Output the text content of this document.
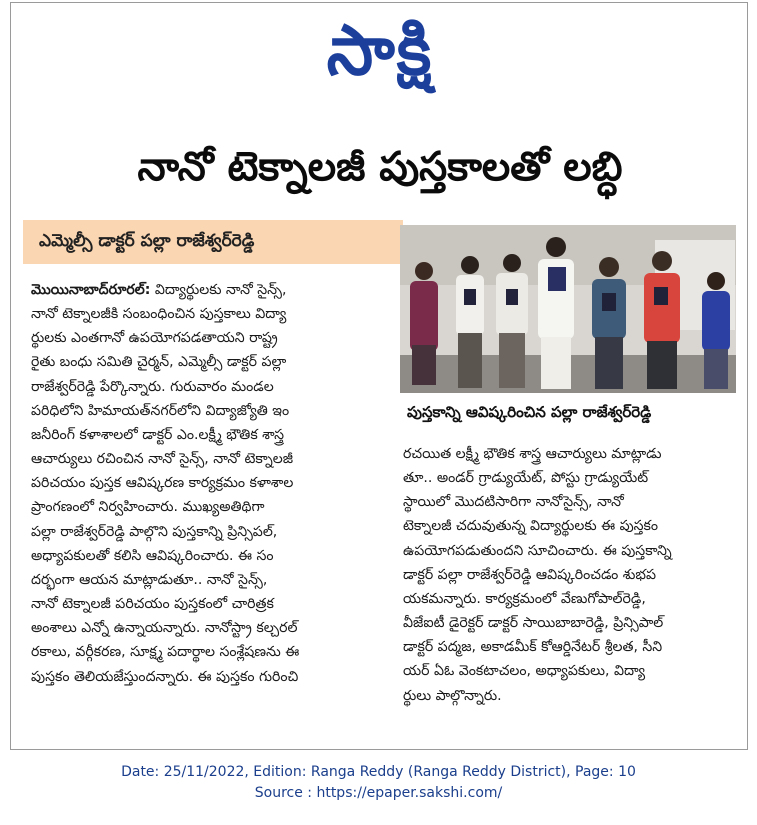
సాక్షి
నానో టెక్నాలజీ పుస్తకాలతో లబ్ధి
ఎమ్మెల్సీ డాక్టర్ పల్లా రాజేశ్వర్‌రెడ్డి
మొయినాబాద్‌రూరల్: విద్యార్థులకు నానో సైన్స్,
నానో టెక్నాలజీకి సంబంధించిన పుస్తకాలు విద్యా
ర్థులకు ఎంతగానో ఉపయోగపడతాయని రాష్ట్ర
రైతు బంధు సమితి చైర్మన్, ఎమ్మెల్సీ డాక్టర్ పల్లా
రాజేశ్వర్‌రెడ్డి పేర్కొన్నారు. గురువారం మండల
పరిధిలోని హిమాయత్‌నగర్‌లోని విద్యాజ్యోతి ఇం
జనీరింగ్ కళాశాలలో డాక్టర్ ఎం.లక్ష్మీ భౌతిక శాస్త్ర
ఆచార్యులు రచించిన నానో సైన్స్, నానో టెక్నాలజీ
పరిచయం పుస్తక ఆవిష్కరణ కార్యక్రమం కళాశాల
ప్రాంగణంలో నిర్వహించారు. ముఖ్యఅతిథిగా
పల్లా రాజేశ్వర్‌రెడ్డి పాల్గొని పుస్తకాన్ని ప్రిన్సిపల్,
అధ్యాపకులతో కలిసి ఆవిష్కరించారు. ఈ సం
దర్భంగా ఆయన మాట్లాడుతూ.. నానో సైన్స్,
నానో టెక్నాలజీ పరిచయం పుస్తకంలో చారిత్రక
అంశాలు ఎన్నో ఉన్నాయన్నారు. నానోస్ట్రా కల్చరల్
రకాలు, వర్గీకరణ, సూక్ష్మ పదార్థాల సంశ్లేషణను ఈ
పుస్తకం తెలియజేస్తుందన్నారు. ఈ పుస్తకం గురించి
పుస్తకాన్ని ఆవిష్కరించిన పల్లా రాజేశ్వర్‌రెడ్డి
రచయిత లక్ష్మీ భౌతిక శాస్త్ర ఆచార్యులు మాట్లాడు
తూ.. అండర్ గ్రాడ్యుయేట్, పోస్టు గ్రాడ్యుయేట్
స్థాయిలో మొదటిసారిగా నానోసైన్స్, నానో
టెక్నాలజీ చదువుతున్న విద్యార్థులకు ఈ పుస్తకం
ఉపయోగపడుతుందని సూచించారు. ఈ పుస్తకాన్ని
డాక్టర్ పల్లా రాజేశ్వర్‌రెడ్డి ఆవిష్కరించడం శుభప
యకమన్నారు. కార్యక్రమంలో వేణుగోపాల్‌రెడ్డి,
వీజేఐటీ డైరెక్టర్ డాక్టర్ సాయిబాబారెడ్డి, ప్రిన్సిపాల్
డాక్టర్ పద్మజ, అకాడమీక్ కోఆర్డినేటర్ శ్రీలత, సీని
యర్ ఏఓ వెంకటాచలం, అధ్యాపకులు, విద్యా
ర్థులు పాల్గొన్నారు.
Date: 25/11/2022, Edition: Ranga Reddy (Ranga Reddy District), Page: 10
Source : https://epaper.sakshi.com/
